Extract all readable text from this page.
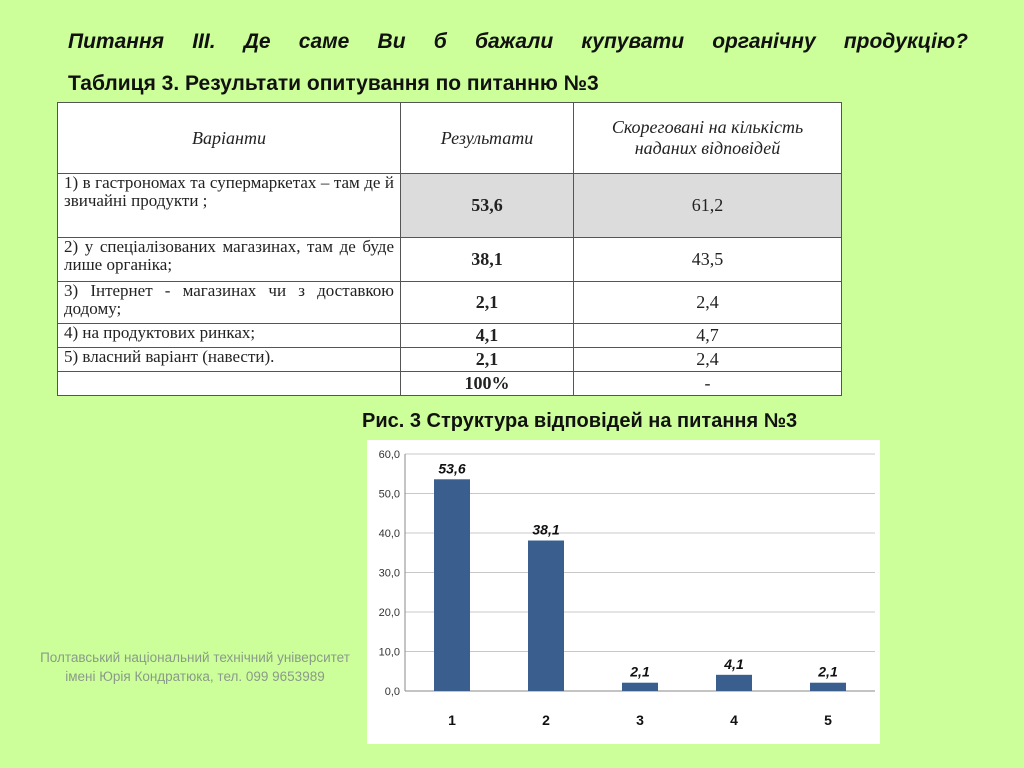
Питання ІІІ. Де саме Ви б бажали купувати органічну продукцію?
Таблиця 3. Результати опитування по питанню №3
Варіанти	Результати	Скореговані на кількість наданих відповідей
1) в гастрономах та супермаркетах – там де й звичайні продукти ;	53,6	61,2
2) у спеціалізованих магазинах, там де буде лише органіка;	38,1	43,5
3) Інтернет - магазинах чи з доставкою додому;	2,1	2,4
4) на продуктових ринках;	4,1	4,7
5) власний варіант (навести).	2,1	2,4
	100%	-
Рис. 3 Структура відповідей на питання №3
0,0
10,0
20,0
30,0
40,0
50,0
60,0
53,6
1
38,1
2
2,1
3
4,1
4
2,1
5
Полтавський національний технічний університет імені Юрія Кондратюка, тел. 099 9653989
